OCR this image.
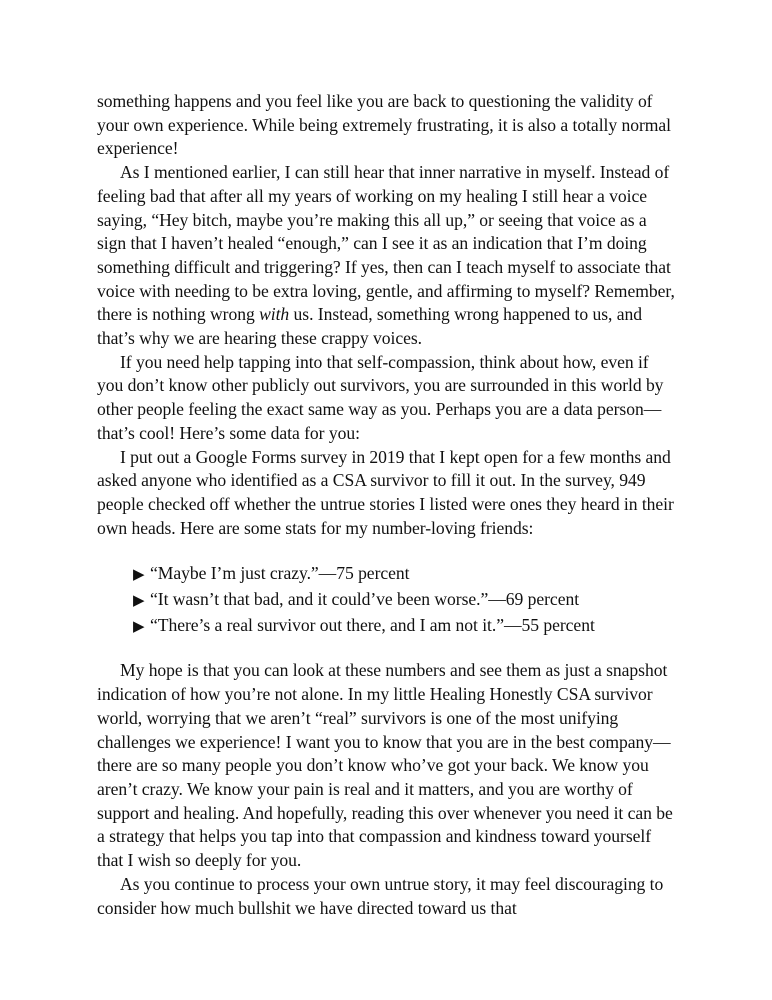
something happens and you feel like you are back to questioning the validity of your own experience. While being extremely frustrating, it is also a totally normal experience!

As I mentioned earlier, I can still hear that inner narrative in myself. Instead of feeling bad that after all my years of working on my healing I still hear a voice saying, “Hey bitch, maybe you’re making this all up,” or seeing that voice as a sign that I haven’t healed “enough,” can I see it as an indication that I’m doing something difficult and triggering? If yes, then can I teach myself to associate that voice with needing to be extra loving, gentle, and affirming to myself? Remember, there is nothing wrong with us. Instead, something wrong happened to us, and that’s why we are hearing these crappy voices.

If you need help tapping into that self-compassion, think about how, even if you don’t know other publicly out survivors, you are surrounded in this world by other people feeling the exact same way as you. Perhaps you are a data person—that’s cool! Here’s some data for you:

I put out a Google Forms survey in 2019 that I kept open for a few months and asked anyone who identified as a CSA survivor to fill it out. In the survey, 949 people checked off whether the untrue stories I listed were ones they heard in their own heads. Here are some stats for my number-loving friends:

▶ “Maybe I’m just crazy.”—75 percent
▶ “It wasn’t that bad, and it could’ve been worse.”—69 percent
▶ “There’s a real survivor out there, and I am not it.”—55 percent

My hope is that you can look at these numbers and see them as just a snapshot indication of how you’re not alone. In my little Healing Honestly CSA survivor world, worrying that we aren’t “real” survivors is one of the most unifying challenges we experience! I want you to know that you are in the best company—there are so many people you don’t know who’ve got your back. We know you aren’t crazy. We know your pain is real and it matters, and you are worthy of support and healing. And hopefully, reading this over whenever you need it can be a strategy that helps you tap into that compassion and kindness toward yourself that I wish so deeply for you.

As you continue to process your own untrue story, it may feel discouraging to consider how much bullshit we have directed toward us that
